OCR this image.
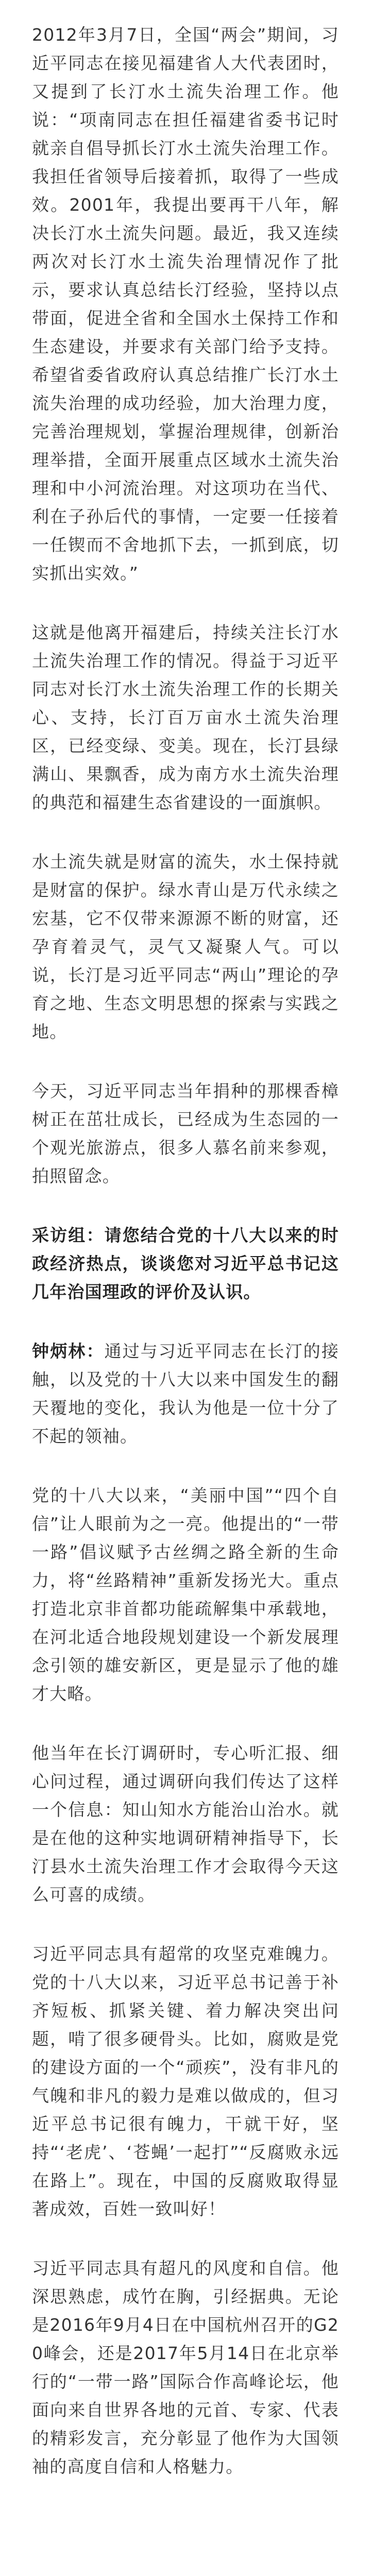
2012年3月7日，全国“两会”期间，习近平同志在接见福建省人大代表团时，又提到了长汀水土流失治理工作。他说：“项南同志在担任福建省委书记时就亲自倡导抓长汀水土流失治理工作。我担任省领导后接着抓，取得了一些成效。2001年，我提出要再干八年，解决长汀水土流失问题。最近，我又连续两次对长汀水土流失治理情况作了批示，要求认真总结长汀经验，坚持以点带面，促进全省和全国水土保持工作和生态建设，并要求有关部门给予支持。希望省委省政府认真总结推广长汀水土流失治理的成功经验，加大治理力度，完善治理规划，掌握治理规律，创新治理举措，全面开展重点区域水土流失治理和中小河流治理。对这项功在当代、利在子孙后代的事情，一定要一任接着一任锲而不舍地抓下去，一抓到底，切实抓出实效。”

这就是他离开福建后，持续关注长汀水土流失治理工作的情况。得益于习近平同志对长汀水土流失治理工作的长期关心、支持，长汀百万亩水土流失治理区，已经变绿、变美。现在，长汀县绿满山、果飘香，成为南方水土流失治理的典范和福建生态省建设的一面旗帜。

水土流失就是财富的流失，水土保持就是财富的保护。绿水青山是万代永续之宏基，它不仅带来源源不断的财富，还孕育着灵气，灵气又凝聚人气。可以说，长汀是习近平同志“两山”理论的孕育之地、生态文明思想的探索与实践之地。

今天，习近平同志当年捐种的那棵香樟树正在茁壮成长，已经成为生态园的一个观光旅游点，很多人慕名前来参观，拍照留念。

采访组：请您结合党的十八大以来的时政经济热点，谈谈您对习近平总书记这几年治国理政的评价及认识。

钟炳林：通过与习近平同志在长汀的接触，以及党的十八大以来中国发生的翻天覆地的变化，我认为他是一位十分了不起的领袖。

党的十八大以来，“美丽中国”“四个自信”让人眼前为之一亮。他提出的“一带一路”倡议赋予古丝绸之路全新的生命力，将“丝路精神”重新发扬光大。重点打造北京非首都功能疏解集中承载地，在河北适合地段规划建设一个新发展理念引领的雄安新区，更是显示了他的雄才大略。

他当年在长汀调研时，专心听汇报、细心问过程，通过调研向我们传达了这样一个信息：知山知水方能治山治水。就是在他的这种实地调研精神指导下，长汀县水土流失治理工作才会取得今天这么可喜的成绩。

习近平同志具有超常的攻坚克难魄力。党的十八大以来，习近平总书记善于补齐短板、抓紧关键、着力解决突出问题，啃了很多硬骨头。比如，腐败是党的建设方面的一个“顽疾”，没有非凡的气魄和非凡的毅力是难以做成的，但习近平总书记很有魄力，干就干好，坚持“‘老虎’、‘苍蝇’一起打”“反腐败永远在路上”。现在，中国的反腐败取得显著成效，百姓一致叫好！

习近平同志具有超凡的风度和自信。他深思熟虑，成竹在胸，引经据典。无论是2016年9月4日在中国杭州召开的G20峰会，还是2017年5月14日在北京举行的“一带一路”国际合作高峰论坛，他面向来自世界各地的元首、专家、代表的精彩发言，充分彰显了他作为大国领袖的高度自信和人格魅力。
